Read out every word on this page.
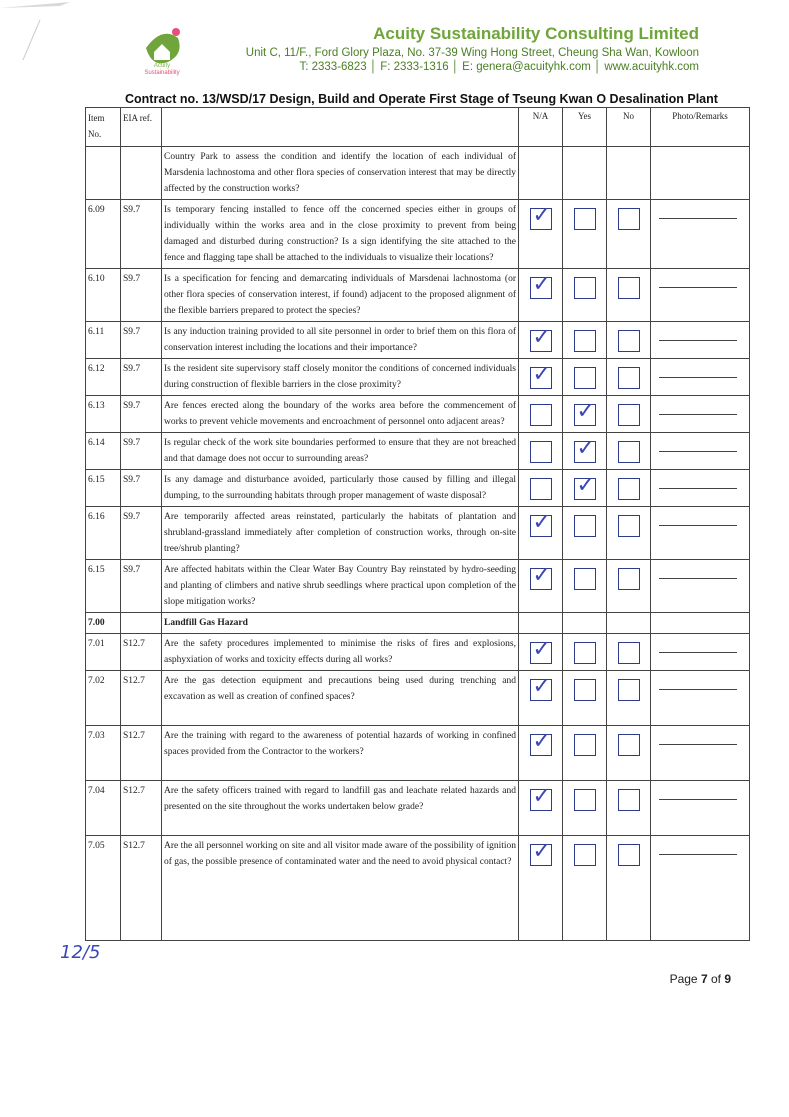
Acuity
Sustainability
Acuity Sustainability Consulting Limited
Unit C, 11/F., Ford Glory Plaza, No. 37-39 Wing Hong Street, Cheung Sha Wan, Kowloon
T: 2333-6823 │ F: 2333-1316 │ E: genera@acuityhk.com │ www.acuityhk.com
Contract no. 13/WSD/17 Design, Build and Operate First Stage of Tseung Kwan O Desalination Plant
Item No.	EIA ref.		N/A	Yes	No	Photo/Remarks
		Country Park to assess the condition and identify the location of each individual of Marsdenia lachnostoma and other flora species of conservation interest that may be directly affected by the construction works?				
6.09	S9.7	Is temporary fencing installed to fence off the concerned species either in groups of individually within the works area and in the close proximity to prevent from being damaged and disturbed during construction? Is a sign identifying the site attached to the fence and flagging tape shall be attached to the individuals to visualize their locations?	✓			

6.10	S9.7	Is a specification for fencing and demarcating individuals of Marsdenai lachnostoma (or other flora species of conservation interest, if found) adjacent to the proposed alignment of the flexible barriers prepared to protect the species?	✓			

6.11	S9.7	Is any induction training provided to all site personnel in order to brief them on this flora of conservation interest including the locations and their importance?	✓			

6.12	S9.7	Is the resident site supervisory staff closely monitor the conditions of concerned individuals during construction of flexible barriers in the close proximity?	✓			

6.13	S9.7	Are fences erected along the boundary of the works area before the commencement of works to prevent vehicle movements and encroachment of personnel onto adjacent areas?		✓		

6.14	S9.7	Is regular check of the work site boundaries performed to ensure that they are not breached and that damage does not occur to surrounding areas?		✓		

6.15	S9.7	Is any damage and disturbance avoided, particularly those caused by filling and illegal dumping, to the surrounding habitats through proper management of waste disposal?		✓		

6.16	S9.7	Are temporarily affected areas reinstated, particularly the habitats of plantation and shrubland-grassland immediately after completion of construction works, through on-site tree/shrub planting?	✓			

6.15	S9.7	Are affected habitats within the Clear Water Bay Country Bay reinstated by hydro-seeding and planting of climbers and native shrub seedlings where practical upon completion of the slope mitigation works?	✓			

7.00		Landfill Gas Hazard				
7.01	S12.7	Are the safety procedures implemented to minimise the risks of fires and explosions, asphyxiation of works and toxicity effects during all works?	✓			

7.02	S12.7	Are the gas detection equipment and precautions being used during trenching and excavation as well as creation of confined spaces?	✓			

7.03	S12.7	Are the training with regard to the awareness of potential hazards of working in confined spaces provided from the Contractor to the workers?	✓			

7.04	S12.7	Are the safety officers trained with regard to landfill gas and leachate related hazards and presented on the site throughout the works undertaken below grade?	✓			

7.05	S12.7	Are the all personnel working on site and all visitor made aware of the possibility of ignition of gas, the possible presence of contaminated water and the need to avoid physical contact?	✓			

12/5
Page 7 of 9
